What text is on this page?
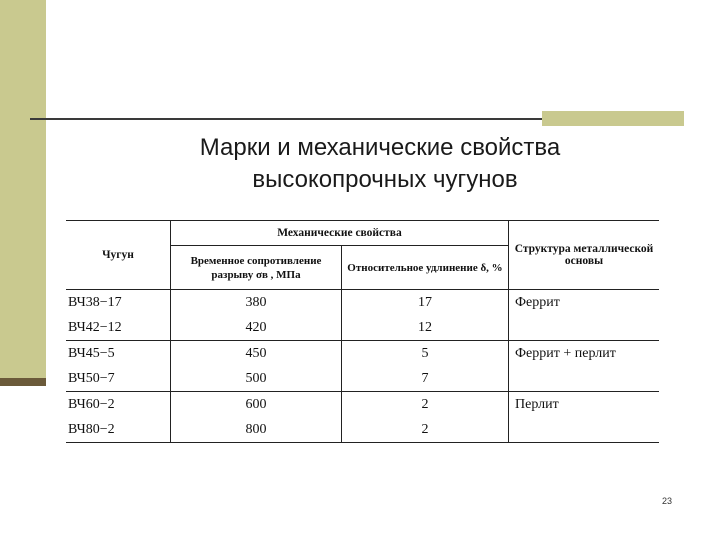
Марки и механические свойства
высокопрочных чугунов
Чугун	Механические свойства		Структура металлической основы
	Временное сопротивление разрыву σв , МПа	Относительное удлинение δ, %	
ВЧ38−17	380	17	Феррит
ВЧ42−12	420	12	
ВЧ45−5	450	5	Феррит + перлит
ВЧ50−7	500	7	
ВЧ60−2	600	2	Перлит
ВЧ80−2	800	2	
23
